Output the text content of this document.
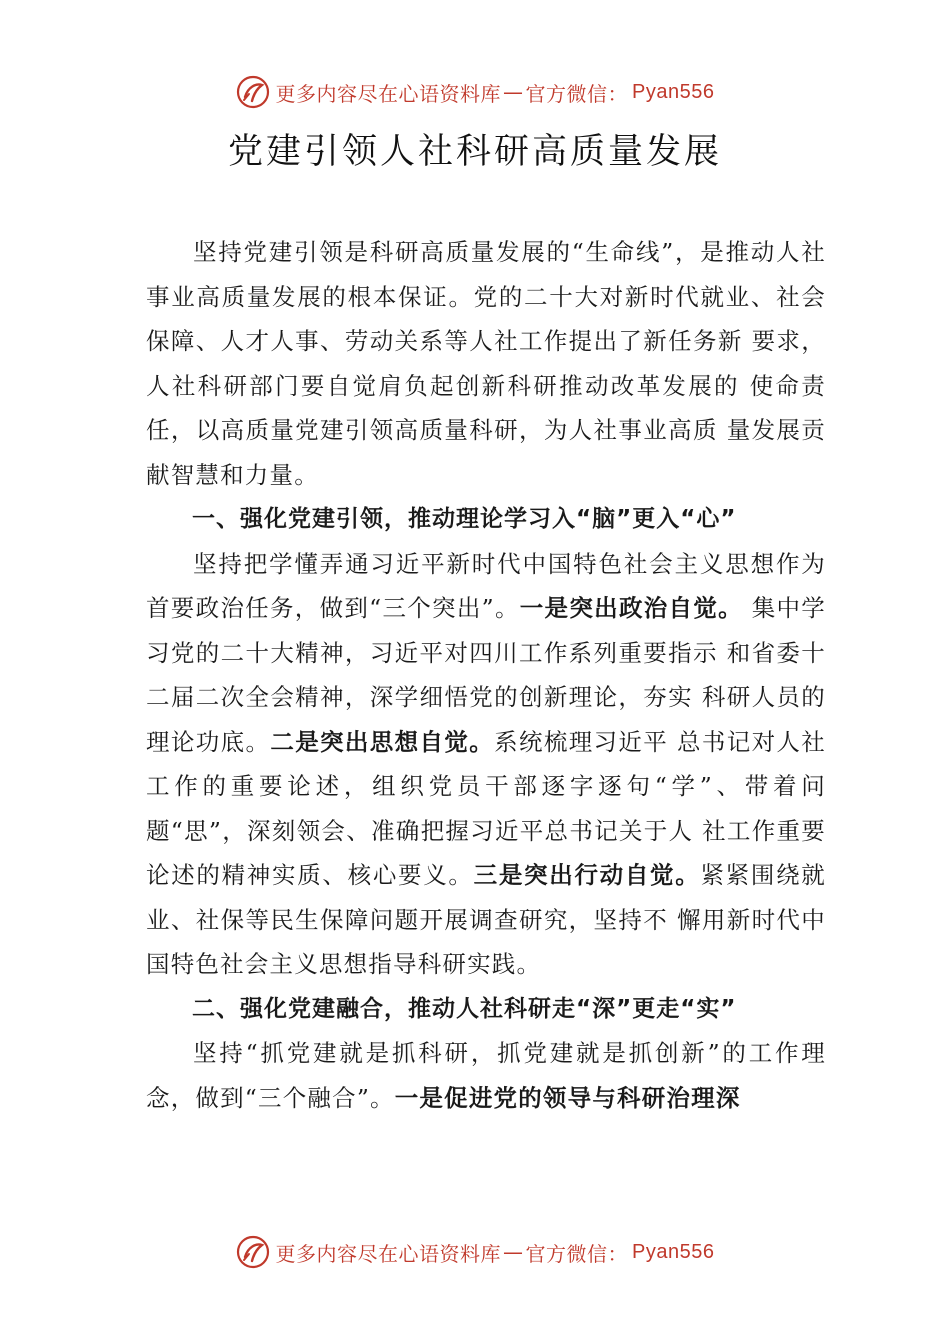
更多内容尽在心语资料库 — 官方微信： Pyan556
党建引领人社科研高质量发展

坚持党建引领是科研高质量发展的“生命线”，是推动人社事业高质量发展的根本保证。党的二十大对新时代就业、社会保障、人才人事、劳动关系等人社工作提出了新任务新 要求，人社科研部门要自觉肩负起创新科研推动改革发展的 使命责任，以高质量党建引领高质量科研，为人社事业高质 量发展贡献智慧和力量。

一、强化党建引领，推动理论学习入“脑”更入“心”

坚持把学懂弄通习近平新时代中国特色社会主义思想作为首要政治任务，做到“三个突出”。一是突出政治自觉。 集中学习党的二十大精神，习近平对四川工作系列重要指示 和省委十二届二次全会精神，深学细悟党的创新理论，夯实 科研人员的理论功底。二是突出思想自觉。系统梳理习近平 总书记对人社工作的重要论述，组织党员干部逐字逐句“学”、带着问题“思”，深刻领会、准确把握习近平总书记关于人 社工作重要论述的精神实质、核心要义。三是突出行动自觉。紧紧围绕就业、社保等民生保障问题开展调查研究，坚持不 懈用新时代中国特色社会主义思想指导科研实践。

二、强化党建融合，推动人社科研走“深”更走“实”

坚持“抓党建就是抓科研，抓党建就是抓创新”的工作理念，做到“三个融合”。一是促进党的领导与科研治理深

更多内容尽在心语资料库 — 官方微信： Pyan556
